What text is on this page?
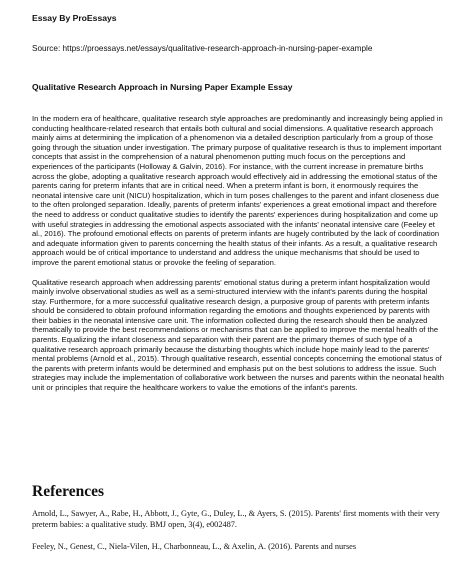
Essay By ProEssays
Source: https://proessays.net/essays/qualitative-research-approach-in-nursing-paper-example
Qualitative Research Approach in Nursing Paper Example Essay

In the modern era of healthcare, qualitative research style approaches are predominantly and increasingly being applied in conducting healthcare-related research that entails both cultural and social dimensions. A qualitative research approach mainly aims at determining the implication of a phenomenon via a detailed description particularly from a group of those going through the situation under investigation. The primary purpose of qualitative research is thus to implement important concepts that assist in the comprehension of a natural phenomenon putting much focus on the perceptions and experiences of the participants (Holloway & Galvin, 2016). For instance, with the current increase in premature births across the globe, adopting a qualitative research approach would effectively aid in addressing the emotional status of the parents caring for preterm infants that are in critical need. When a preterm infant is born, it enormously requires the neonatal intensive care unit (NICU) hospitalization, which in turn poses challenges to the parent and infant closeness due to the often prolonged separation. Ideally, parents of preterm infants' experiences a great emotional impact and therefore the need to address or conduct qualitative studies to identify the parents' experiences during hospitalization and come up with useful strategies in addressing the emotional aspects associated with the infants' neonatal intensive care (Feeley et al., 2016). The profound emotional effects on parents of preterm infants are hugely contributed by the lack of coordination and adequate information given to parents concerning the health status of their infants. As a result, a qualitative research approach would be of critical importance to understand and address the unique mechanisms that should be used to improve the parent emotional status or provoke the feeling of separation.

Qualitative research approach when addressing parents' emotional status during a preterm infant hospitalization would mainly involve observational studies as well as a semi-structured interview with the infant's parents during the hospital stay. Furthermore, for a more successful qualitative research design, a purposive group of parents with preterm infants should be considered to obtain profound information regarding the emotions and thoughts experienced by parents with their babies in the neonatal intensive care unit. The information collected during the research should then be analyzed thematically to provide the best recommendations or mechanisms that can be applied to improve the mental health of the parents. Equalizing the infant closeness and separation with their parent are the primary themes of such type of a qualitative research approach primarily because the disturbing thoughts which include hope mainly lead to the parents' mental problems (Arnold et al., 2015). Through qualitative research, essential concepts concerning the emotional status of the parents with preterm infants would be determined and emphasis put on the best solutions to address the issue. Such strategies may include the implementation of collaborative work between the nurses and parents within the neonatal health unit or principles that require the healthcare workers to value the emotions of the infant's parents.

References
Arnold, L., Sawyer, A., Rabe, H., Abbott, J., Gyte, G., Duley, L., & Ayers, S. (2015). Parents' first moments with their very preterm babies: a qualitative study. BMJ open, 3(4), e002487.
Feeley, N., Genest, C., Niela-Vilen, H., Charbonneau, L., & Axelin, A. (2016). Parents and nurses
